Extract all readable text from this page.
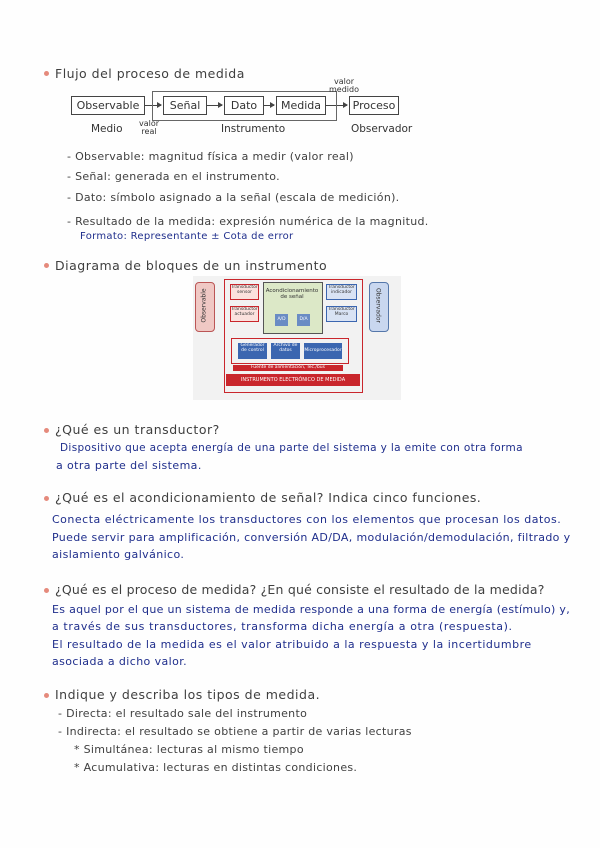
Flujo del proceso de medida
Observable	Señal	Dato	Medida	Proceso
valor real
valor medido
Medio	Instrumento	Observador
- Observable: magnitud física a medir (valor real)
- Señal: generada en el instrumento.
- Dato: símbolo asignado a la señal (escala de medición).
- Resultado de la medida: expresión numérica de la magnitud.
Formato: Representante ± Cota de error
Diagrama de bloques de un instrumento
Observable	Observador
Transductor sensor
Transductor actuador
Transductor indicador
Transductor Marco
Acondicionamiento de señal
A/D	D/A
Generador de control
Archivo de datos	Microprocesador
Fuente de alimentación, Tec./bus
INSTRUMENTO ELECTRÓNICO DE MEDIDA
¿Qué es un transductor?
Dispositivo que acepta energía de una parte del sistema y la emite con otra forma
a otra parte del sistema.
¿Qué es el acondicionamiento de señal? Indica cinco funciones.
Conecta eléctricamente los transductores con los elementos que procesan los datos.
Puede servir para amplificación, conversión AD/DA, modulación/demodulación, filtrado y
aislamiento galvánico.
¿Qué es el proceso de medida? ¿En qué consiste el resultado de la medida?
Es aquel por el que un sistema de medida responde a una forma de energía (estímulo) y,
a través de sus transductores, transforma dicha energía a otra (respuesta).
El resultado de la medida es el valor atribuido a la respuesta y la incertidumbre
asociada a dicho valor.
Indique y describa los tipos de medida.
- Directa: el resultado sale del instrumento
- Indirecta: el resultado se obtiene a partir de varias lecturas
* Simultánea: lecturas al mismo tiempo
* Acumulativa: lecturas en distintas condiciones.
